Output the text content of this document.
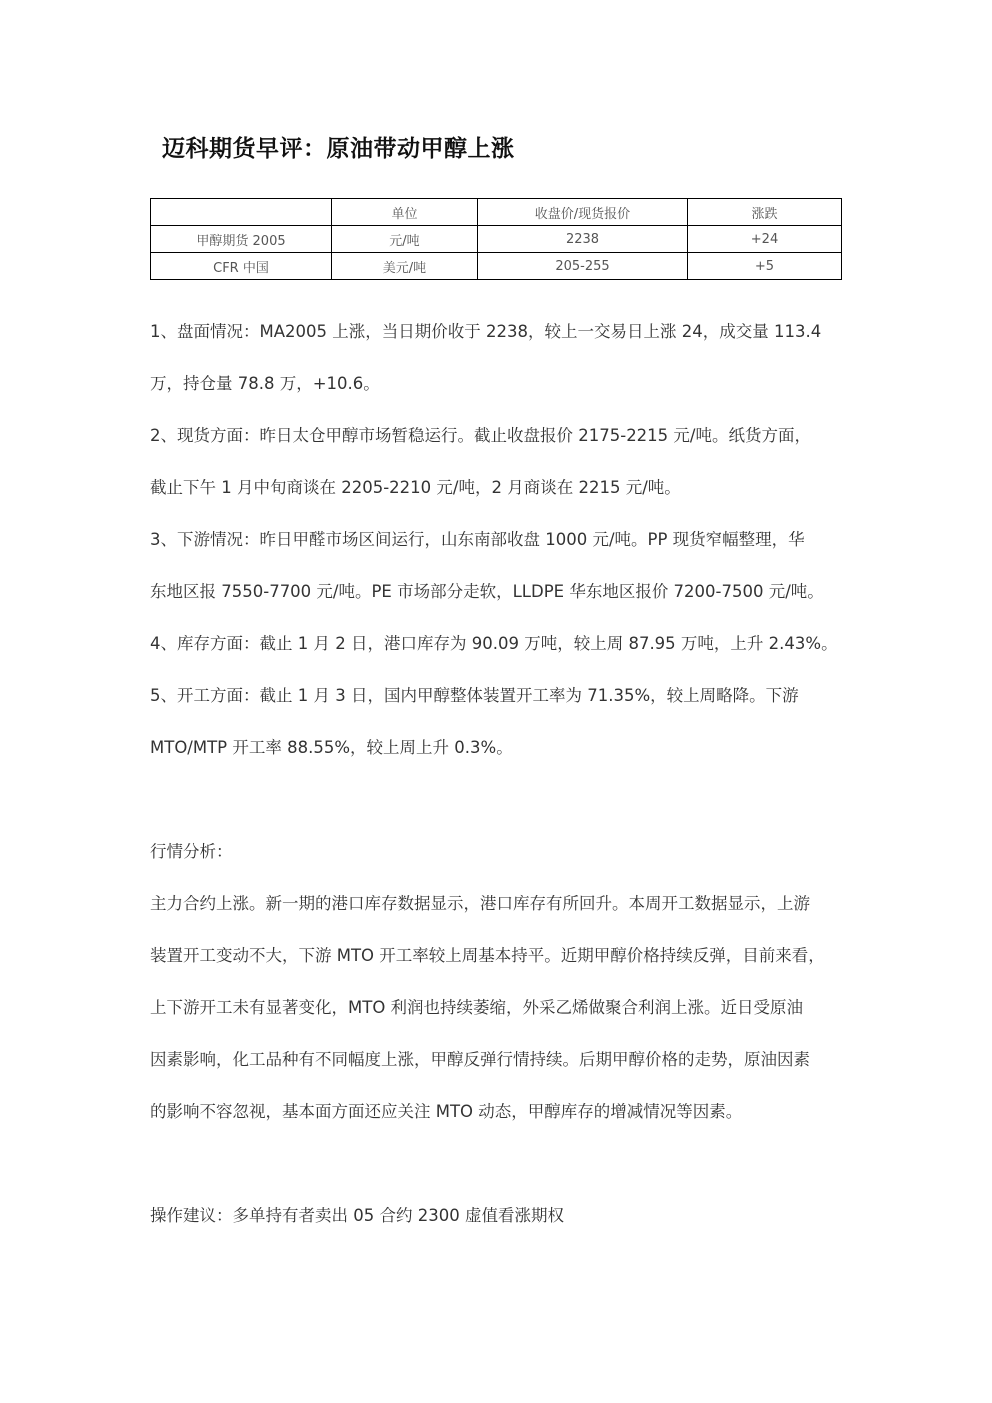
迈科期货早评：原油带动甲醇上涨
	单位	收盘价/现货报价	涨跌
甲醇期货 2005	元/吨	2238	+24
CFR 中国	美元/吨	205-255	+5
1、盘面情况：MA2005 上涨，当日期价收于 2238，较上一交易日上涨 24，成交量 113.4
万，持仓量 78.8 万，+10.6。
2、现货方面：昨日太仓甲醇市场暂稳运行。截止收盘报价 2175-2215 元/吨。纸货方面，
截止下午 1 月中旬商谈在 2205-2210 元/吨，2 月商谈在 2215 元/吨。
3、下游情况：昨日甲醛市场区间运行，山东南部收盘 1000 元/吨。PP 现货窄幅整理，华
东地区报 7550-7700 元/吨。PE 市场部分走软，LLDPE 华东地区报价 7200-7500 元/吨。
4、库存方面：截止 1 月 2 日，港口库存为 90.09 万吨，较上周 87.95 万吨，上升 2.43%。
5、开工方面：截止 1 月 3 日，国内甲醇整体装置开工率为 71.35%，较上周略降。下游
MTO/MTP 开工率 88.55%，较上周上升 0.3%。
行情分析：
主力合约上涨。新一期的港口库存数据显示，港口库存有所回升。本周开工数据显示，上游
装置开工变动不大，下游 MTO 开工率较上周基本持平。近期甲醇价格持续反弹，目前来看，
上下游开工未有显著变化，MTO 利润也持续萎缩，外采乙烯做聚合利润上涨。近日受原油
因素影响，化工品种有不同幅度上涨，甲醇反弹行情持续。后期甲醇价格的走势，原油因素
的影响不容忽视，基本面方面还应关注 MTO 动态，甲醇库存的增减情况等因素。
操作建议：多单持有者卖出 05 合约 2300 虚值看涨期权
